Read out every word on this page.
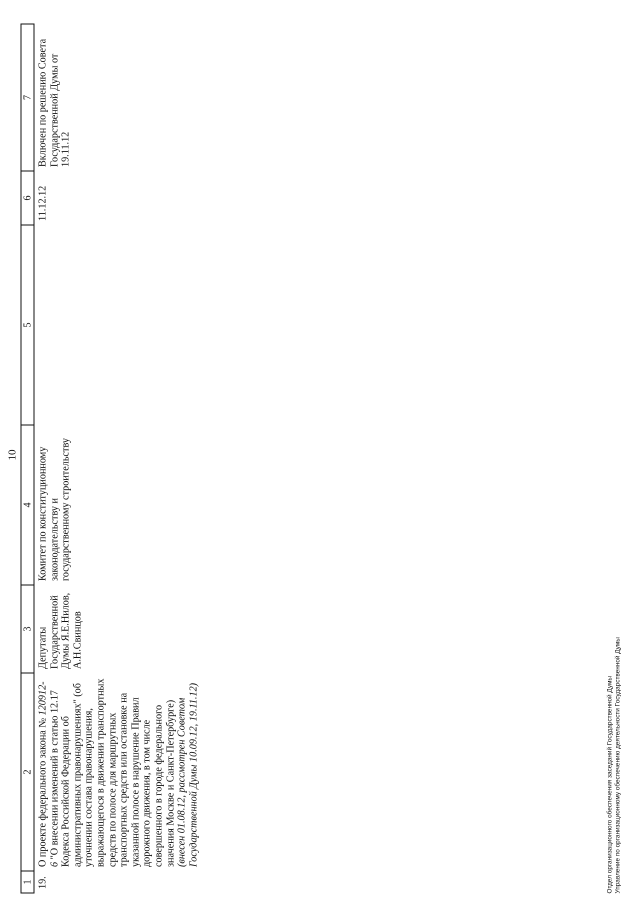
10
1	2	3	4	5	6	7
19.	О проекте федерального закона № 120912-6 "О внесении изменений в статью 12.17 Кодекса Российской Федерации об административных правонарушениях" (об уточнении состава правонарушения, выражающегося в движении транспортных средств по полосе для маршрутных транспортных средств или остановке на указанной полосе в нарушение Правил дорожного движения, в том числе совершенного в городе федерального значения Москве и Санкт-Петербурге) (внесен 01.08.12, рассмотрен Советом Государственной Думы 10.09.12, 19.11.12)	Депутаты Государственной Думы Я.Е.Нилов, А.Н.Свинцов	Комитет по конституционному законодательству и государственному строительству		11.12.12	Включен по решению Совета Государственной Думы от 19.11.12
Отдел организационного обеспечения заседаний Государственной Думы Управление по организационному обеспечению деятельности Государственной Думы
